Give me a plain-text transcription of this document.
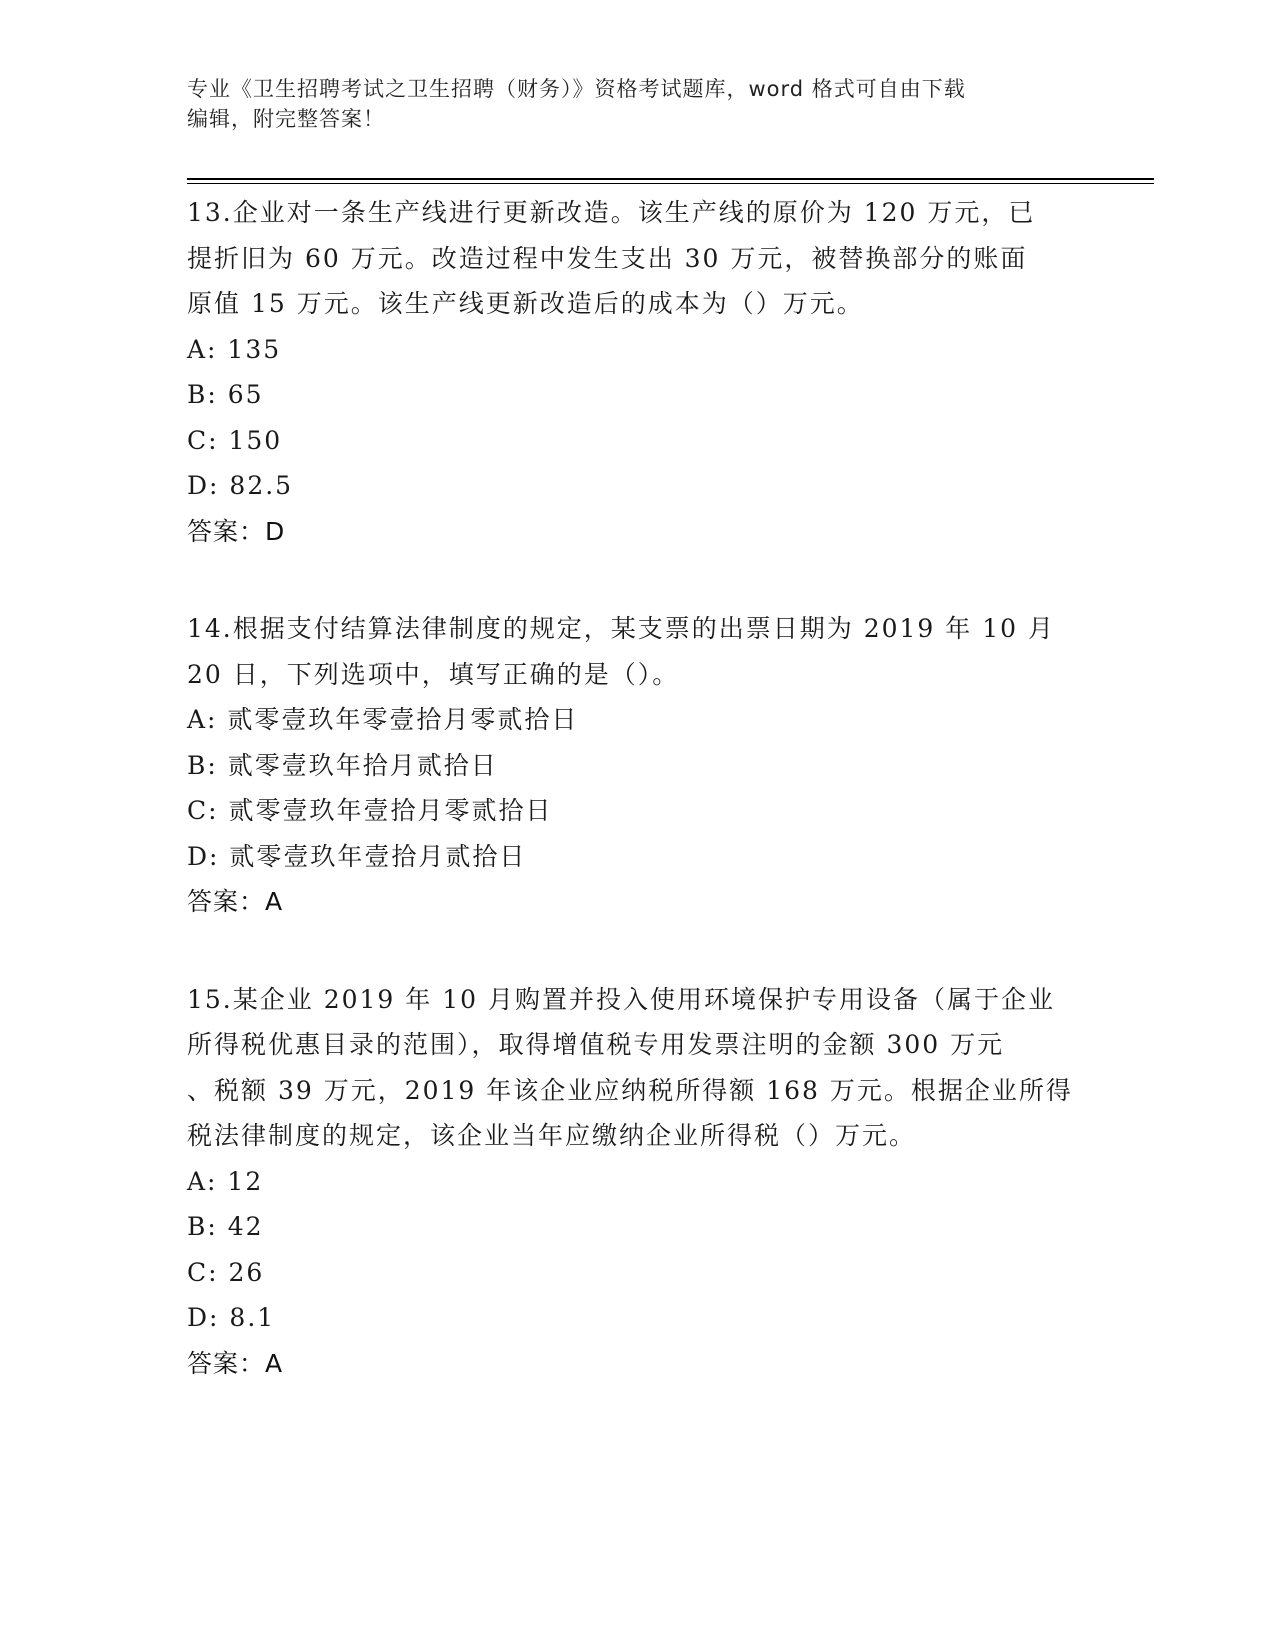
专业《卫生招聘考试之卫生招聘（财务）》资格考试题库，word 格式可自由下载
编辑，附完整答案！
13.企业对一条生产线进行更新改造。该生产线的原价为 120 万元，已
提折旧为 60 万元。改造过程中发生支出 30 万元，被替换部分的账面
原值 15 万元。该生产线更新改造后的成本为（）万元。
A: 135
B: 65
C: 150
D: 82.5
答案：D
14.根据支付结算法律制度的规定，某支票的出票日期为 2019 年 10 月
20 日，下列选项中，填写正确的是（）。
A: 贰零壹玖年零壹拾月零贰拾日
B: 贰零壹玖年拾月贰拾日
C: 贰零壹玖年壹拾月零贰拾日
D: 贰零壹玖年壹拾月贰拾日
答案：A
15.某企业 2019 年 10 月购置并投入使用环境保护专用设备（属于企业
所得税优惠目录的范围），取得增值税专用发票注明的金额 300 万元
、税额 39 万元，2019 年该企业应纳税所得额 168 万元。根据企业所得
税法律制度的规定，该企业当年应缴纳企业所得税（）万元。
A: 12
B: 42
C: 26
D: 8.1
答案：A
